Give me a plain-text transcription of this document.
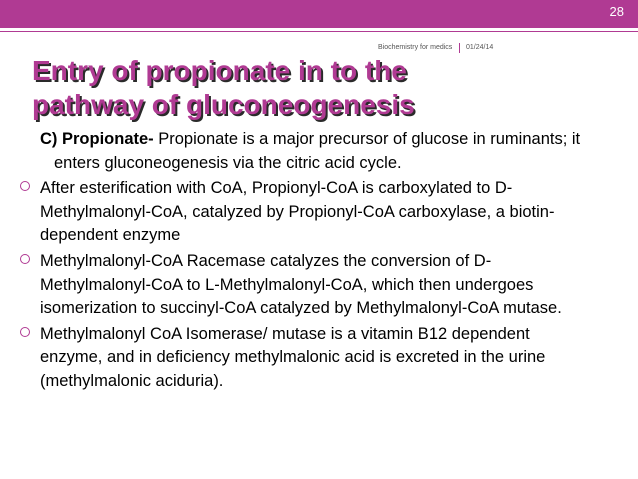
28
Biochemistry for medics 01/24/14
Entry of propionate in to the
pathway of gluconeogenesis

C) Propionate- Propionate is a major precursor of glucose in ruminants; it enters gluconeogenesis via the citric acid cycle.

After esterification with CoA, Propionyl-CoA is carboxylated to D-Methylmalonyl-CoA, catalyzed by Propionyl-CoA carboxylase, a biotin-dependent enzyme

Methylmalonyl-CoA Racemase catalyzes the conversion of D-Methylmalonyl-CoA to L-Methylmalonyl-CoA, which then undergoes isomerization to succinyl-CoA catalyzed by Methylmalonyl-CoA mutase.

Methylmalonyl CoA Isomerase/ mutase is a vitamin B12 dependent enzyme, and in deficiency methylmalonic acid is excreted in the urine (methylmalonic aciduria).
